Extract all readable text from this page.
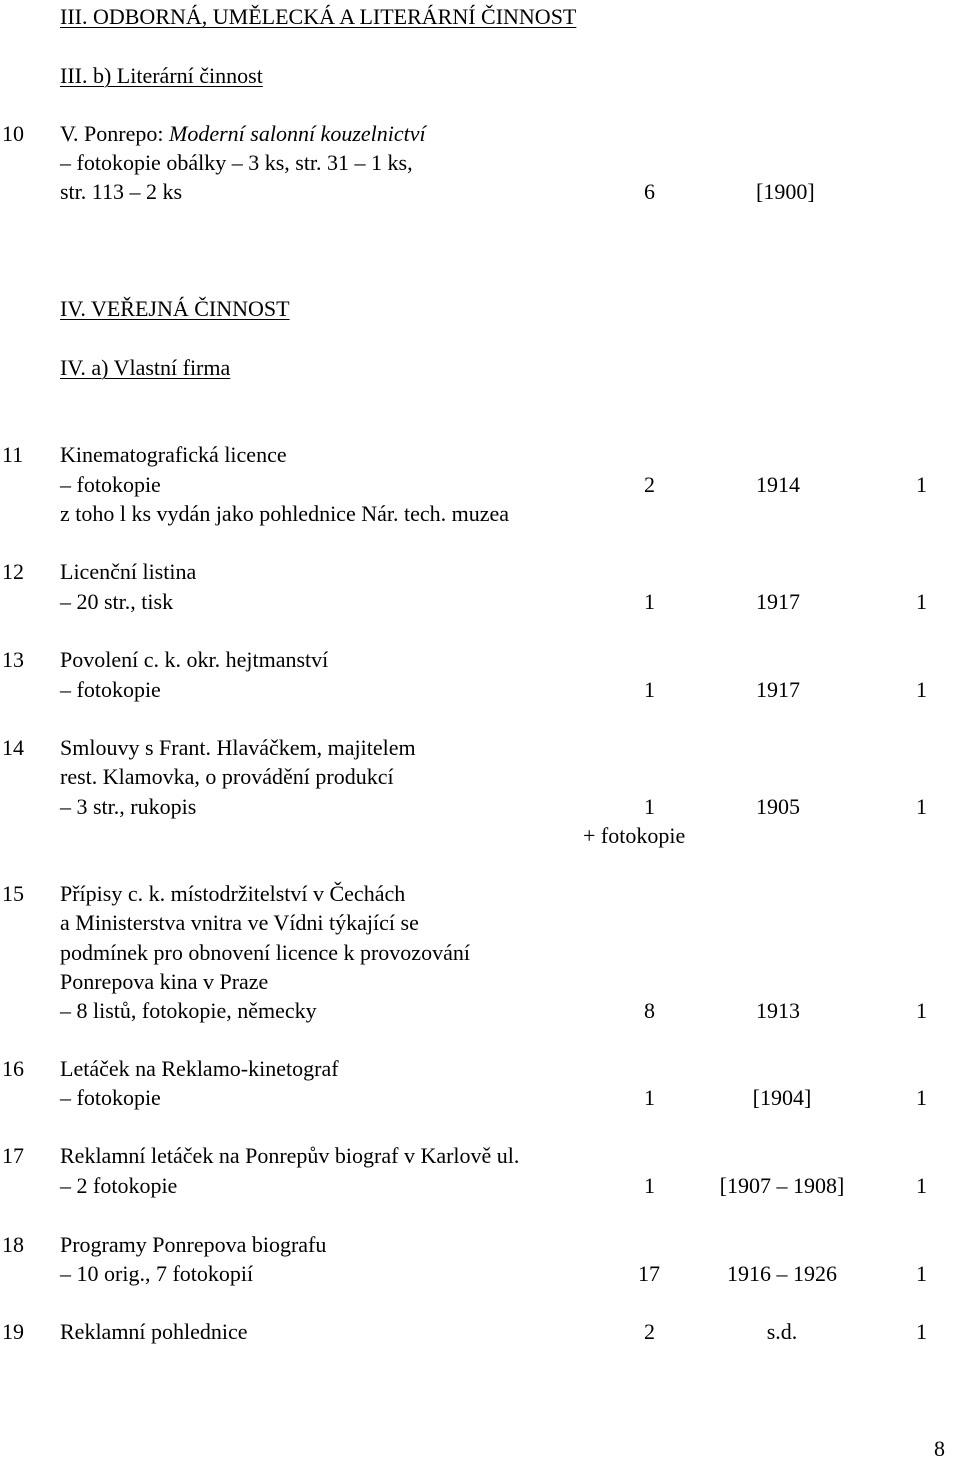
III. ODBORNÁ, UMĚLECKÁ A LITERÁRNÍ ČINNOST
III. b) Literární činnost
10 V. Ponrepo: Moderní salonní kouzelnictví
– fotokopie obálky – 3 ks, str. 31 – 1 ks,
str. 113 – 2 ks	6	[1900]
IV. VEŘEJNÁ ČINNOST
IV. a) Vlastní firma
11 Kinematografická licence
– fotokopie	2	1914	1
z toho l ks vydán jako pohlednice Nár. tech. muzea
12 Licenční listina
– 20 str., tisk	1	1917	1
13 Povolení c. k. okr. hejtmanství
– fotokopie	1	1917	1
14 Smlouvy s Frant. Hlaváčkem, majitelem
rest. Klamovka, o provádění produkcí
– 3 str., rukopis	1	1905	1
+ fotokopie
15 Přípisy c. k. místodržitelství v Čechách
a Ministerstva vnitra ve Vídni týkající se
podmínek pro obnovení licence k provozování
Ponrepova kina v Praze
– 8 listů, fotokopie, německy	8	1913	1
16 Letáček na Reklamo-kinetograf
– fotokopie	1	[1904]	1
17 Reklamní letáček na Ponrepův biograf v Karlově ul.
– 2 fotokopie	1	[1907 – 1908]	1
18 Programy Ponrepova biografu
– 10 orig., 7 fotokopií	17	1916 – 1926	1
19 Reklamní pohlednice	2	s.d.	1
8
